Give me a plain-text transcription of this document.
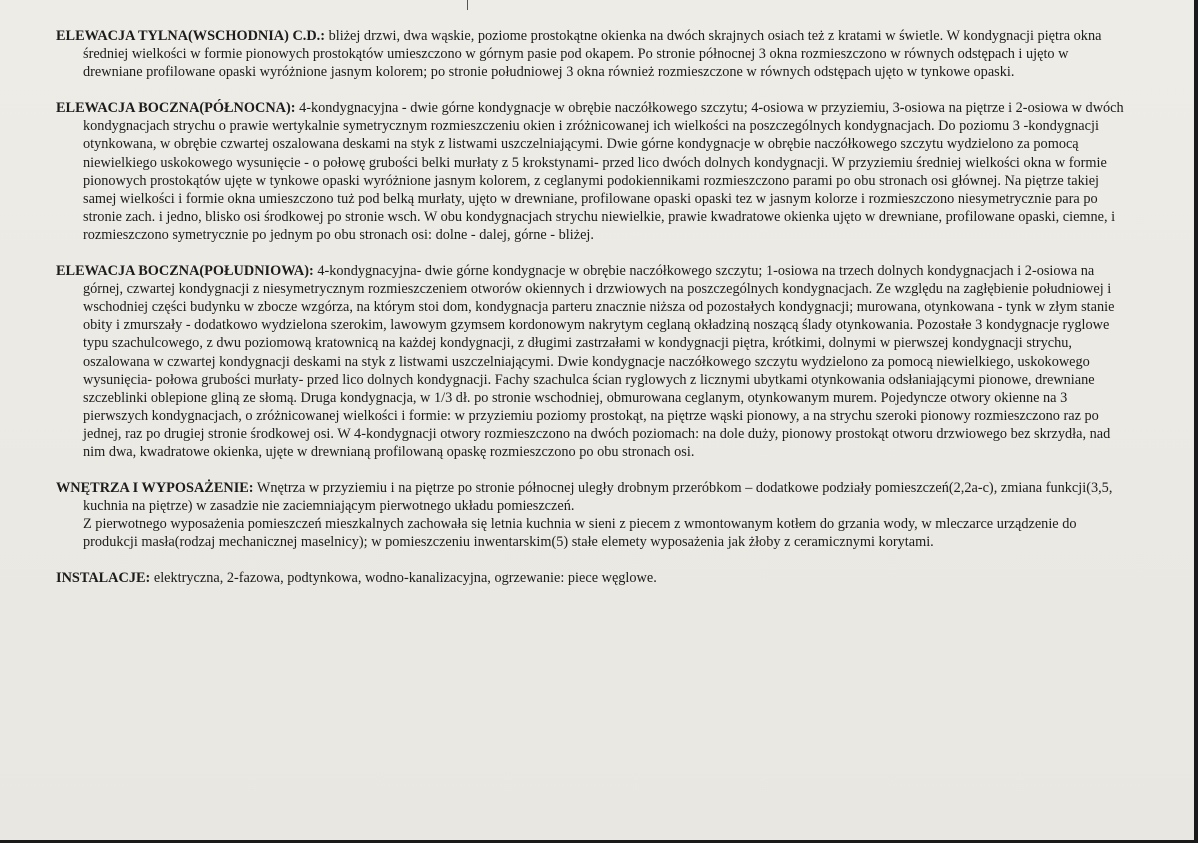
ELEWACJA TYLNA(WSCHODNIA) C.D.: bliżej drzwi, dwa wąskie, poziome prostokątne okienka na dwóch skrajnych osiach też z kratami w świetle. W kondygnacji piętra okna średniej wielkości w formie pionowych prostokątów umieszczono w górnym pasie pod okapem. Po stronie północnej 3 okna rozmieszczono w równych odstępach i ujęto w drewniane profilowane opaski wyróżnione jasnym kolorem; po stronie południowej 3 okna również rozmieszczone w równych odstępach ujęto w tynkowe opaski.

ELEWACJA BOCZNA(PÓŁNOCNA): 4-kondygnacyjna - dwie górne kondygnacje w obrębie naczółkowego szczytu; 4-osiowa w przyziemiu, 3-osiowa na piętrze i 2-osiowa w dwóch kondygnacjach strychu o prawie wertykalnie symetrycznym rozmieszczeniu okien i zróżnicowanej ich wielkości na poszczególnych kondygnacjach. Do poziomu 3 -kondygnacji otynkowana, w obrębie czwartej oszalowana deskami na styk z listwami uszczelniającymi. Dwie górne kondygnacje w obrębie naczółkowego szczytu wydzielono za pomocą niewielkiego uskokowego wysunięcie - o połowę grubości belki murłaty z 5 krokstynami- przed lico dwóch dolnych kondygnacji. W przyziemiu średniej wielkości okna w formie pionowych prostokątów ujęte w tynkowe opaski wyróżnione jasnym kolorem, z ceglanymi podokiennikami rozmieszczono parami po obu stronach osi głównej. Na piętrze takiej samej wielkości i formie okna umieszczono tuż pod belką murłaty, ujęto w drewniane, profilowane opaski opaski tez w jasnym kolorze i rozmieszczono niesymetrycznie para po stronie zach. i jedno, blisko osi środkowej po stronie wsch. W obu kondygnacjach strychu niewielkie, prawie kwadratowe okienka ujęto w drewniane, profilowane opaski, ciemne, i rozmieszczono symetrycznie po jednym po obu stronach osi: dolne - dalej, górne - bliżej.

ELEWACJA BOCZNA(POŁUDNIOWA): 4-kondygnacyjna- dwie górne kondygnacje w obrębie naczółkowego szczytu; 1-osiowa na trzech dolnych kondygnacjach i 2-osiowa na górnej, czwartej kondygnacji z niesymetrycznym rozmieszczeniem otworów okiennych i drzwiowych na poszczególnych kondygnacjach. Ze względu na zagłębienie południowej i wschodniej części budynku w zbocze wzgórza, na którym stoi dom, kondygnacja parteru znacznie niższa od pozostałych kondygnacji; murowana, otynkowana - tynk w złym stanie obity i zmurszały - dodatkowo wydzielona szerokim, lawowym gzymsem kordonowym nakrytym ceglaną okładziną noszącą ślady otynkowania. Pozostałe 3 kondygnacje ryglowe typu szachulcowego, z dwu poziomową kratownicą na każdej kondygnacji, z długimi zastrzałami w kondygnacji piętra, krótkimi, dolnymi w pierwszej kondygnacji strychu, oszalowana w czwartej kondygnacji deskami na styk z listwami uszczelniającymi. Dwie kondygnacje naczółkowego szczytu wydzielono za pomocą niewielkiego, uskokowego wysunięcia- połowa grubości murłaty- przed lico dolnych kondygnacji. Fachy szachulca ścian ryglowych z licznymi ubytkami otynkowania odsłaniającymi pionowe, drewniane szczeblinki oblepione gliną ze słomą. Druga kondygnacja, w 1/3 dł. po stronie wschodniej, obmurowana ceglanym, otynkowanym murem. Pojedyncze otwory okienne na 3 pierwszych kondygnacjach, o zróżnicowanej wielkości i formie: w przyziemiu poziomy prostokąt, na piętrze wąski pionowy, a na strychu szeroki pionowy rozmieszczono raz po jednej, raz po drugiej stronie środkowej osi. W 4-kondygnacji otwory rozmieszczono na dwóch poziomach: na dole duży, pionowy prostokąt otworu drzwiowego bez skrzydła, nad nim dwa, kwadratowe okienka, ujęte w drewnianą profilowaną opaskę rozmieszczono po obu stronach osi.

WNĘTRZA I WYPOSAŻENIE: Wnętrza w przyziemiu i na piętrze po stronie północnej uległy drobnym przeróbkom – dodatkowe podziały pomieszczeń(2,2a-c), zmiana funkcji(3,5, kuchnia na piętrze) w zasadzie nie zaciemniającym pierwotnego układu pomieszczeń.

Z pierwotnego wyposażenia pomieszczeń mieszkalnych zachowała się letnia kuchnia w sieni z piecem z wmontowanym kotłem do grzania wody, w mleczarce urządzenie do produkcji masła(rodzaj mechanicznej maselnicy); w pomieszczeniu inwentarskim(5) stałe elemety wyposażenia jak żłoby z ceramicznymi korytami.

INSTALACJE: elektryczna, 2-fazowa, podtynkowa, wodno-kanalizacyjna, ogrzewanie: piece węglowe.
